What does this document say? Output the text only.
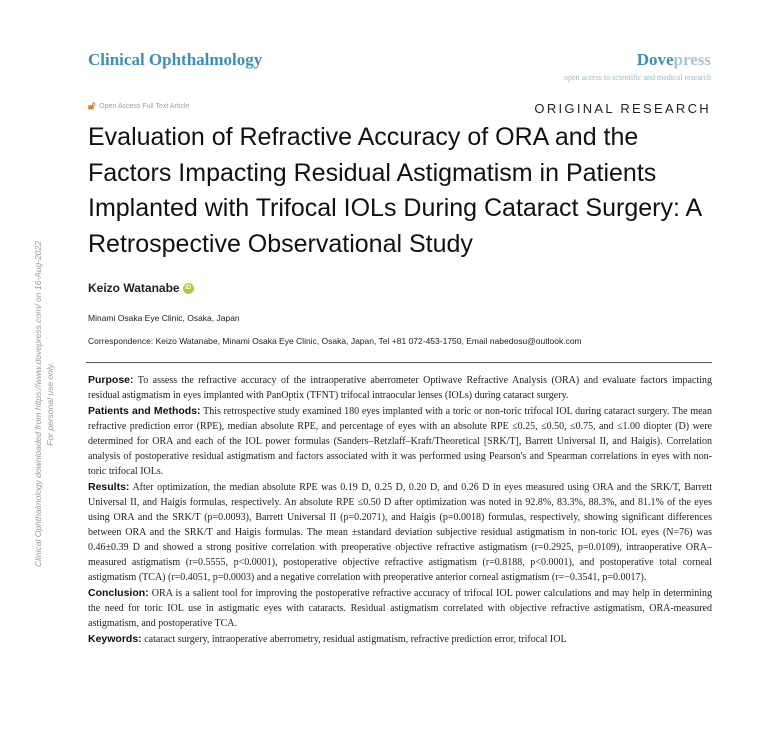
Clinical Ophthalmology	Dovepress
open access to scientific and medical research
🔓︎ Open Access Full Text Article	ORIGINAL RESEARCH
Evaluation of Refractive Accuracy of ORA and the Factors Impacting Residual Astigmatism in Patients Implanted with Trifocal IOLs During Cataract Surgery: A Retrospective Observational Study
Keizo Watanabe iD
Minami Osaka Eye Clinic, Osaka, Japan
Correspondence: Keizo Watanabe, Minami Osaka Eye Clinic, Osaka, Japan, Tel +81 072-453-1750, Email nabedosu@outlook.com

Purpose: To assess the refractive accuracy of the intraoperative aberrometer Optiwave Refractive Analysis (ORA) and evaluate factors impacting residual astigmatism in eyes implanted with PanOptix (TFNT) trifocal intraocular lenses (IOLs) during cataract surgery.

Patients and Methods: This retrospective study examined 180 eyes implanted with a toric or non-toric trifocal IOL during cataract surgery. The mean refractive prediction error (RPE), median absolute RPE, and percentage of eyes with an absolute RPE ≤0.25, ≤0.50, ≤0.75, and ≤1.00 diopter (D) were determined for ORA and each of the IOL power formulas (Sanders–Retzlaff–Kraft/Theoretical [SRK/T], Barrett Universal II, and Haigis). Correlation analysis of postoperative residual astigmatism and factors associated with it was performed using Pearson's and Spearman correlations in eyes with non-toric trifocal IOLs.

Results: After optimization, the median absolute RPE was 0.19 D, 0.25 D, 0.20 D, and 0.26 D in eyes measured using ORA and the SRK/T, Barrett Universal II, and Haigis formulas, respectively. An absolute RPE ≤0.50 D after optimization was noted in 92.8%, 83.3%, 88.3%, and 81.1% of the eyes using ORA and the SRK/T (p=0.0093), Barrett Universal II (p=0.2071), and Haigis (p=0.0018) formulas, respectively, showing significant differences between ORA and the SRK/T and Haigis formulas. The mean ±standard deviation subjective residual astigmatism in non-toric IOL eyes (N=76) was 0.46±0.39 D and showed a strong positive correlation with preoperative objective refractive astigmatism (r=0.2925, p=0.0109), intraoperative ORA–measured astigmatism (r=0.5555, p<0.0001), postoperative objective refractive astigmatism (r=0.8188, p<0.0001), and postoperative total corneal astigmatism (TCA) (r=0.4051, p=0.0003) and a negative correlation with preoperative anterior corneal astigmatism (r=−0.3541, p=0.0017).

Conclusion: ORA is a salient tool for improving the postoperative refractive accuracy of trifocal IOL power calculations and may help in determining the need for toric IOL use in astigmatic eyes with cataracts. Residual astigmatism correlated with objective refractive astigmatism, ORA-measured astigmatism, and postoperative TCA.

Keywords: cataract surgery, intraoperative aberrometry, residual astigmatism, refractive prediction error, trifocal IOL

Clinical Ophthalmology downloaded from https://www.dovepress.com/ on 16-Aug-2022 For personal use only.
